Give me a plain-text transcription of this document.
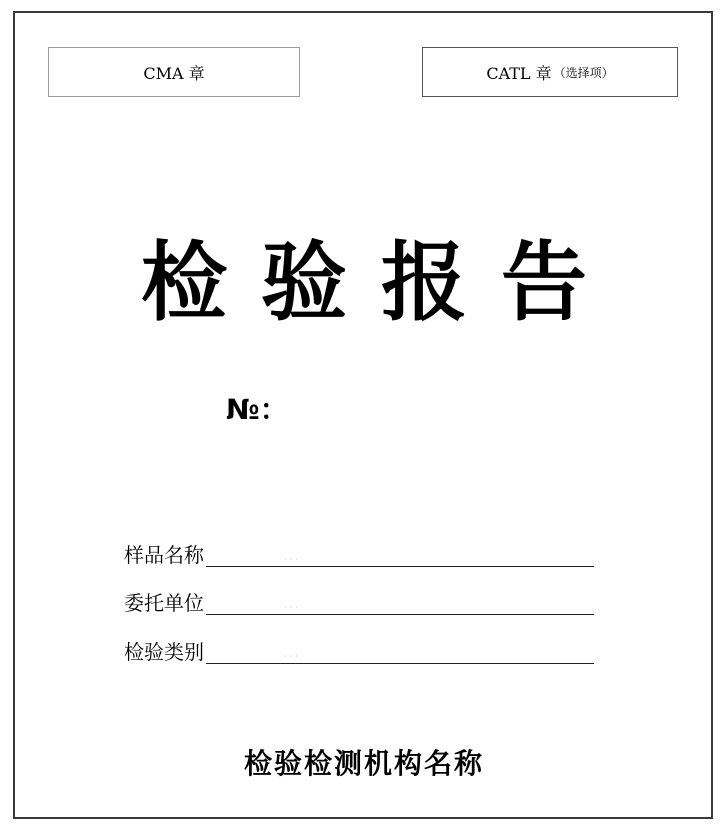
CMA 章	CATL 章 （选择项）
检验报告
№：
样品名称	···
委托单位	···
检验类别	···
检验检测机构名称
